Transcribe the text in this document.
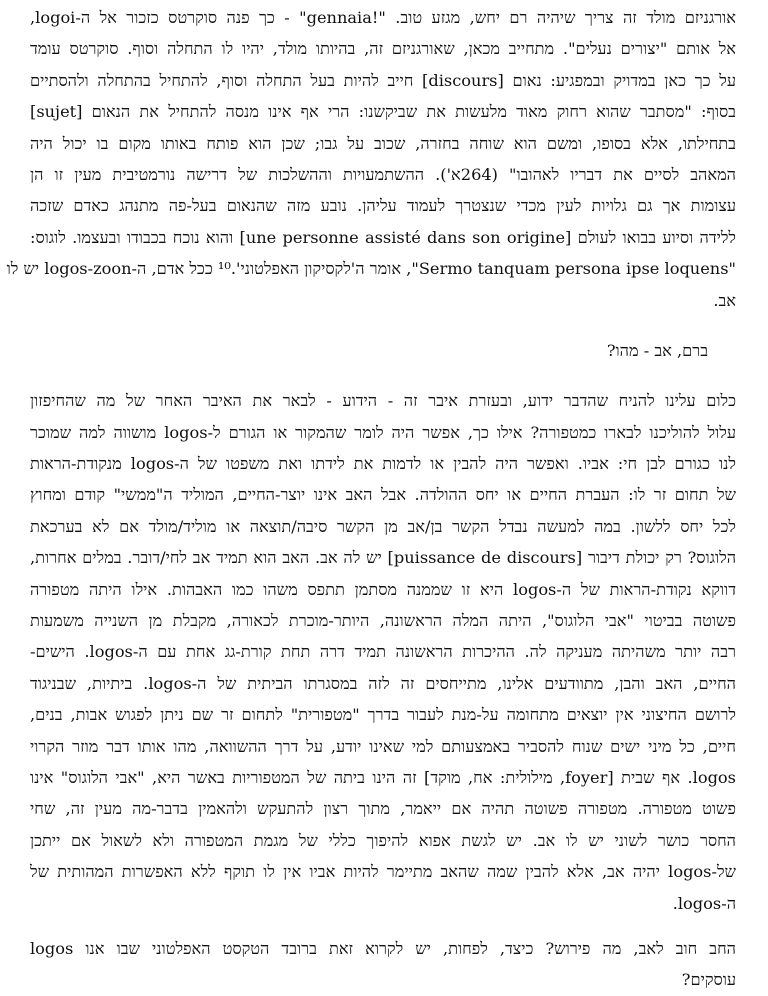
אורגניזם מולד זה צריך שיהיה רם יחש, מגזע טוב. "!gennaia" - כך פנה סוקרטס כזכור אל ה-logoi,

אל אותם "יצורים נעלים". מתחייב מכאן, שאורגניזם זה, בהיותו מולד, יהיו לו התחלה וסוף. סוקרטס עומד

על כך כאן במדויק ובמפגיע: נאום [discours] חייב להיות בעל התחלה וסוף, להתחיל בהתחלה ולהסתיים

בסוף: "מסתבר שהוא רחוק מאוד מלעשות את שביקשנו: הרי אף אינו מנסה להתחיל את הנאום [sujet]

בתחילתו, אלא בסופו, ומשם הוא שוחה בחזרה, שכוב על גבו; שכן הוא פותח באותו מקום בו יכול היה

המאהב לסיים את דבריו לאהובו" (264א'). ההשתמעויות וההשלכות של דרישה נורמטיבית מעין זו הן

עצומות אך גם גלויות לעין מכדי שנצטרך לעמוד עליהן. נובע מזה שהנאום בעל-פה מתנהג כאדם שזכה

ללידה וסיוע בבואו לעולם [une personne assisté dans son origine] והוא נוכח בכבודו ובעצמו. לוגוס:

"Sermo tanquam persona ipse loquens", אומר ה'לקסיקון האפלטוני'.¹⁰ ככל אדם, ה-logos-zoon יש לו

אב.

ברם, אב - מהו?

כלום עלינו להניח שהדבר ידוע, ובעזרת איבר זה - הידוע - לבאר את האיבר האחר של מה שהחיפזון

עלול להוליכנו לבארו כמטפורה? אילו כך, אפשר היה לומר שהמקור או הגורם ל-logos מושווה למה שמוכר

לנו כגורם לבן חי: אביו. ואפשר היה להבין או לדמות את לידתו ואת משפטו של ה-logos מנקודת-הראות

של תחום זר לו: העברת החיים או יחס ההולדה. אבל האב אינו יוצר-החיים, המוליד ה"ממשי" קודם ומחוץ

לכל יחס ללשון. במה למעשה נבדל הקשר בן/אב מן הקשר סיבה/תוצאה או מוליד/מולד אם לא בערכאת

הלוגוס? רק יכולת דיבור [puissance de discours] יש לה אב. האב הוא תמיד אב לחי/דובר. במלים אחרות,

דווקא נקודת-הראות של ה-logos היא זו שממנה מסתמן תתפס משהו כמו האבהות. אילו היתה מטפורה

פשוטה בביטוי "אבי הלוגוס", היתה המלה הראשונה, היותר-מוכרת לכאורה, מקבלת מן השנייה משמעות

רבה יותר משהיתה מעניקה לה. ההיכרות הראשונה תמיד דרה תחת קורת-גג אחת עם ה-logos. הישים-

החיים, האב והבן, מתוודעים אלינו, מתייחסים זה לזה במסגרתו הביתית של ה-logos. ביתיות, שבניגוד

לרושם החיצוני אין יוצאים מתחומה על-מנת לעבור בדרך "מטפורית" לתחום זר שם ניתן לפגוש אבות, בנים,

חיים, כל מיני ישים שנוח להסביר באמצעותם למי שאינו יודע, על דרך ההשוואה, מהו אותו דבר מוזר הקרוי

logos. אף שבית [foyer, מילולית: אח, מוקד] זה הינו ביתה של המטפוריות באשר היא, "אבי הלוגוס" אינו

פשוט מטפורה. מטפורה פשוטה תהיה אם ייאמר, מתוך רצון להתעקש ולהאמין בדבר-מה מעין זה, שחי

החסר כושר לשוני יש לו אב. יש לגשת אפוא להיפוך כללי של מגמת המטפורה ולא לשאול אם ייתכן

של-logos יהיה אב, אלא להבין שמה שהאב מתיימר להיות אביו אין לו תוקף ללא האפשרות המהותית של

ה-logos.

החב חוב לאב, מה פירוש? כיצד, לפחות, יש לקרוא זאת ברובד הטקסט האפלטוני שבו אנו logos

עוסקים?
